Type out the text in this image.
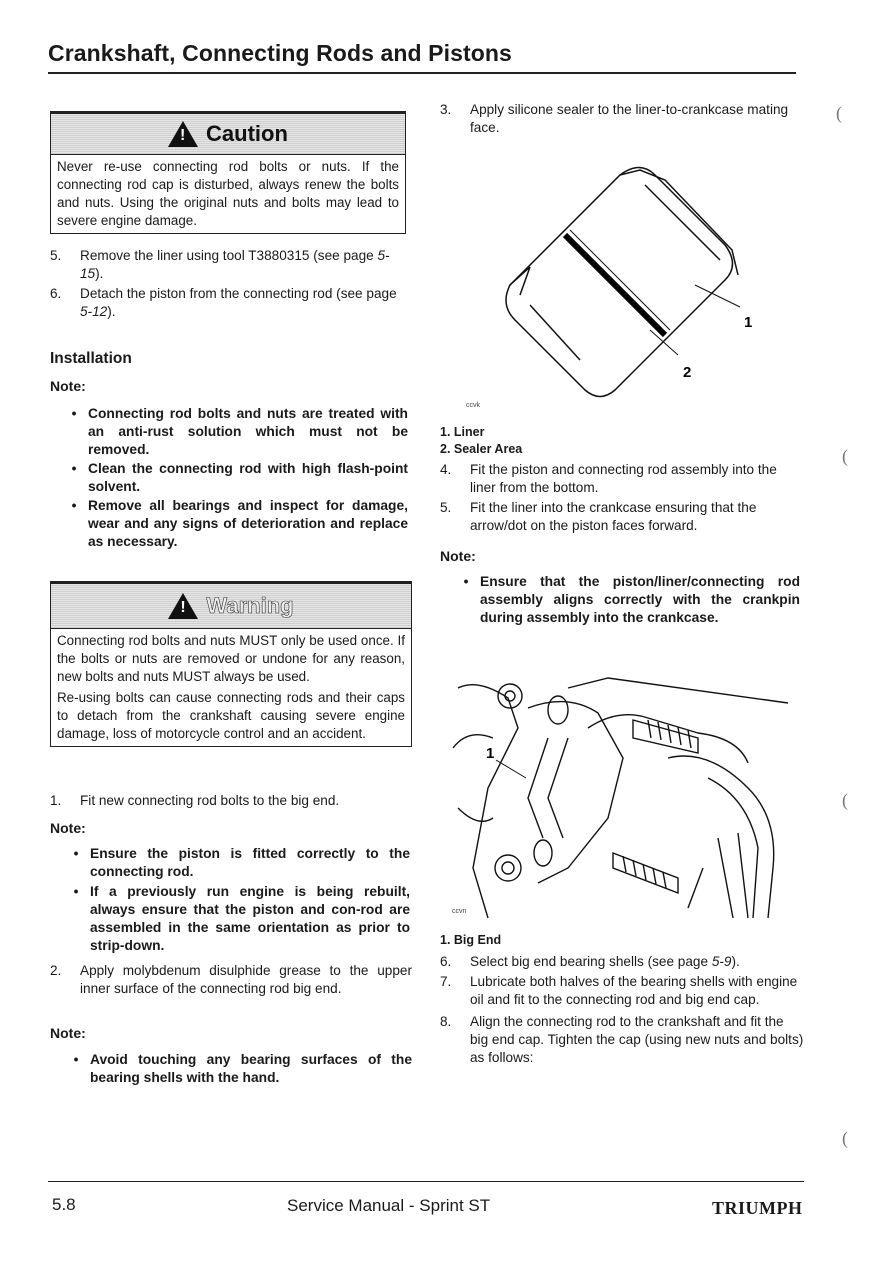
Crankshaft, Connecting Rods and Pistons
!
Caution
Never re-use connecting rod bolts or nuts. If the connecting rod cap is disturbed, always renew the bolts and nuts. Using the original nuts and bolts may lead to severe engine damage.
5.	Remove the liner using tool T3880315 (see page 5-15).
6.	Detach the piston from the connecting rod (see page 5-12).
Installation
Note:
• Connecting rod bolts and nuts are treated with an anti-rust solution which must not be removed.
• Clean the connecting rod with high flash-point solvent.
• Remove all bearings and inspect for damage, wear and any signs of deterioration and replace as necessary.
!
Warning
Connecting rod bolts and nuts MUST only be used once. If the bolts or nuts are removed or undone for any reason, new bolts and nuts MUST always be used.
Re-using bolts can cause connecting rods and their caps to detach from the crankshaft causing severe engine damage, loss of motorcycle control and an accident.
1.	Fit new connecting rod bolts to the big end.
Note:
• Ensure the piston is fitted correctly to the connecting rod.
• If a previously run engine is being rebuilt, always ensure that the piston and con-rod are assembled in the same orientation as prior to strip-down.
2.	Apply molybdenum disulphide grease to the upper inner surface of the connecting rod big end.
Note:
• Avoid touching any bearing surfaces of the bearing shells with the hand.
3.	Apply silicone sealer to the liner-to-crankcase mating face.
1
2
ccvk
1. Liner
2. Sealer Area
4.	Fit the piston and connecting rod assembly into the liner from the bottom.
5.	Fit the liner into the crankcase ensuring that the arrow/dot on the piston faces forward.
Note:
• Ensure that the piston/liner/connecting rod assembly aligns correctly with the crankpin during assembly into the crankcase.
1
ccvn
1. Big End
6.	Select big end bearing shells (see page 5-9).
7.	Lubricate both halves of the bearing shells with engine oil and fit to the connecting rod and big end cap.
8.	Align the connecting rod to the crankshaft and fit the big end cap. Tighten the cap (using new nuts and bolts) as follows:
(
(
(
(
5.8	Service Manual - Sprint ST	TRIUMPH
